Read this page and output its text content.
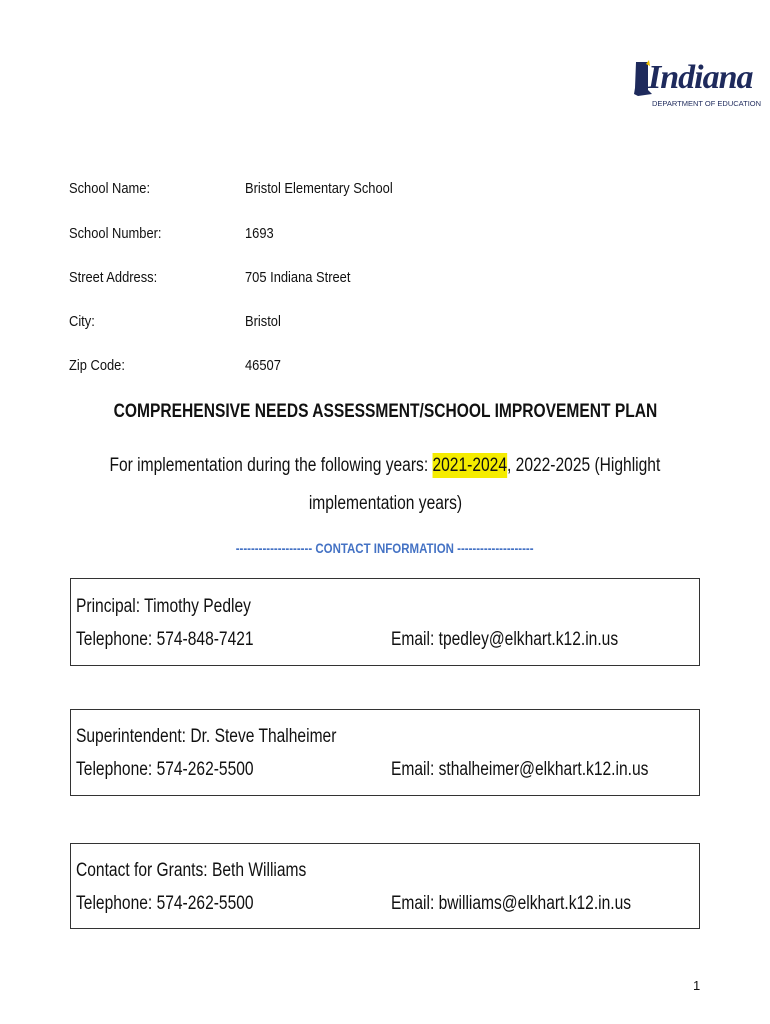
Indiana
DEPARTMENT OF EDUCATION
School Name:	Bristol Elementary School
School Number:	1693
Street Address:	705 Indiana Street
City:	Bristol
Zip Code:	46507
COMPREHENSIVE NEEDS ASSESSMENT/SCHOOL IMPROVEMENT PLAN
For implementation during the following years: 2021-2024, 2022-2025 (Highlight
implementation years)
-------------------- CONTACT INFORMATION --------------------
Principal: Timothy Pedley
Telephone: 574-848-7421	Email: tpedley@elkhart.k12.in.us
Superintendent: Dr. Steve Thalheimer
Telephone: 574-262-5500	Email: sthalheimer@elkhart.k12.in.us
Contact for Grants: Beth Williams
Telephone: 574-262-5500	Email: bwilliams@elkhart.k12.in.us
1
